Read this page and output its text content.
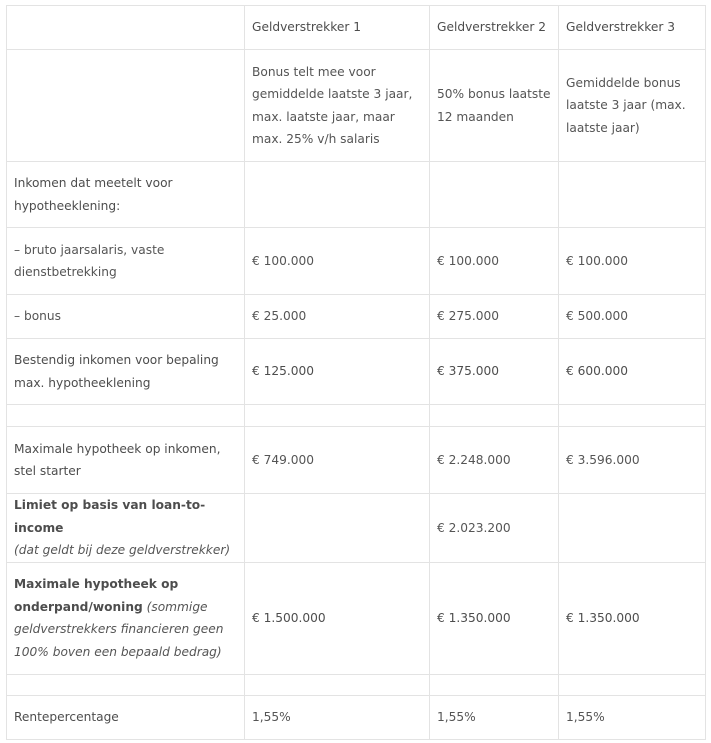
	Geldverstrekker 1	Geldverstrekker 2	Geldverstrekker 3
	Bonus telt mee voor gemiddelde laatste 3 jaar, max. laatste jaar, maar max. 25% v/h salaris	50% bonus laatste 12 maanden	Gemiddelde bonus laatste 3 jaar (max. laatste jaar)
Inkomen dat meetelt voor hypotheeklening:			
– bruto jaarsalaris, vaste dienstbetrekking	€ 100.000	€ 100.000	€ 100.000
– bonus	€ 25.000	€ 275.000	€ 500.000
Bestendig inkomen voor bepaling max. hypotheeklening	€ 125.000	€ 375.000	€ 600.000

Maximale hypotheek op inkomen, stel starter	€ 749.000	€ 2.248.000	€ 3.596.000
Limiet op basis van loan-to-income
(dat geldt bij deze geldverstrekker)		€ 2.023.200	
Maximale hypotheek op onderpand/woning (sommige geldverstrekkers financieren geen 100% boven een bepaald bedrag)	€ 1.500.000	€ 1.350.000	€ 1.350.000

Rentepercentage	1,55%	1,55%	1,55%
